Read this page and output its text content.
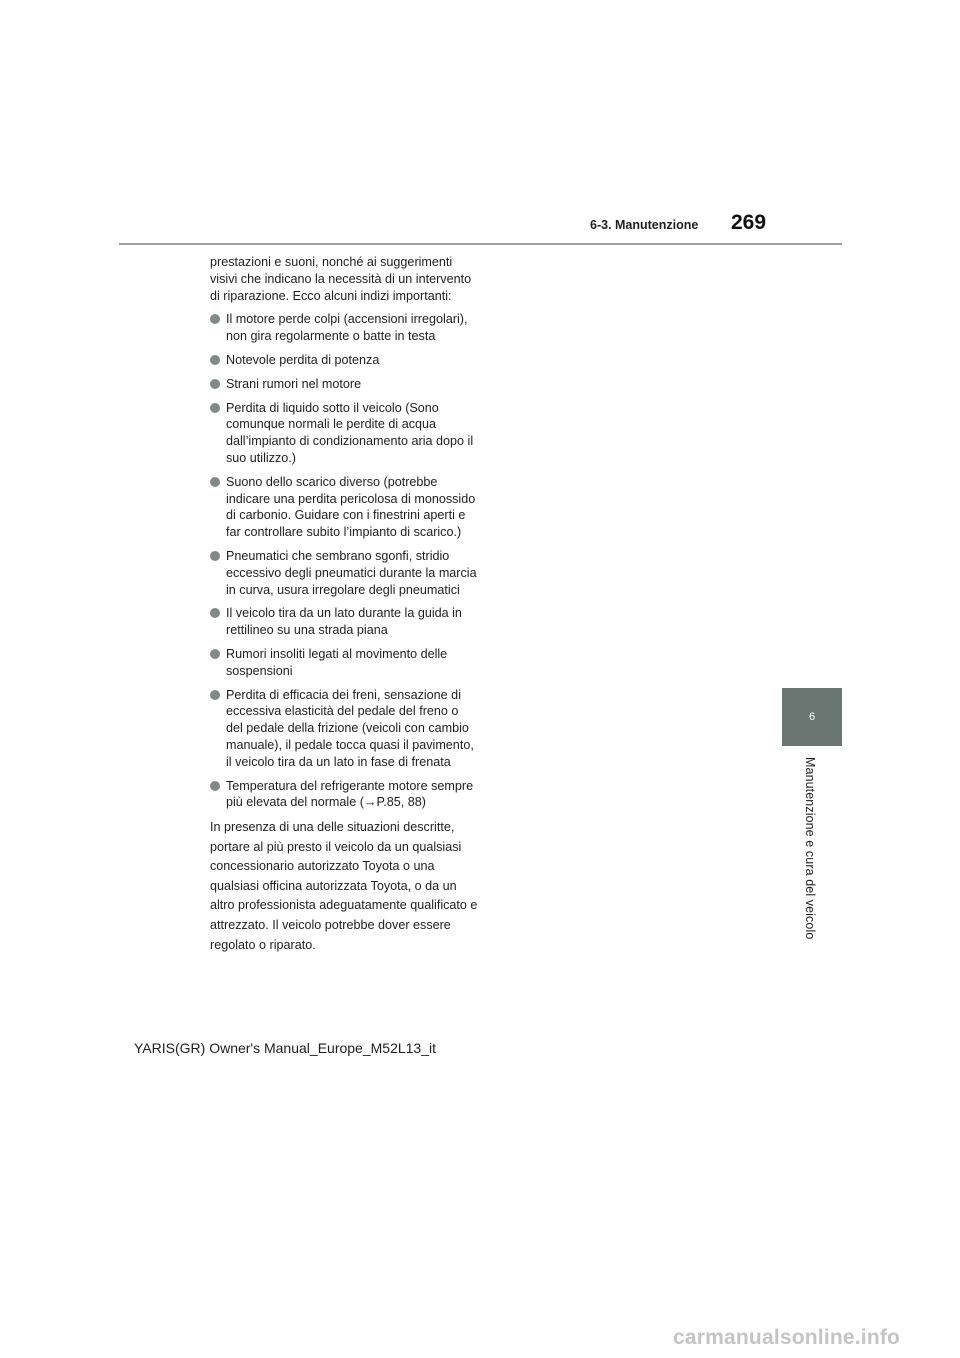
6-3. Manutenzione 269

prestazioni e suoni, nonché ai suggerimenti visivi che indicano la necessità di un intervento di riparazione. Ecco alcuni indizi importanti:

Il motore perde colpi (accensioni irregolari), non gira regolarmente o batte in testa
Notevole perdita di potenza
Strani rumori nel motore
Perdita di liquido sotto il veicolo (Sono comunque normali le perdite di acqua dall’impianto di condizionamento aria dopo il suo utilizzo.)
Suono dello scarico diverso (potrebbe indicare una perdita pericolosa di monossido di carbonio. Guidare con i finestrini aperti e far controllare subito l’impianto di scarico.)
Pneumatici che sembrano sgonfi, stridio eccessivo degli pneumatici durante la marcia in curva, usura irregolare degli pneumatici
Il veicolo tira da un lato durante la guida in rettilineo su una strada piana
Rumori insoliti legati al movimento delle sospensioni
Perdita di efficacia dei freni, sensazione di eccessiva elasticità del pedale del freno o del pedale della frizione (veicoli con cambio manuale), il pedale tocca quasi il pavimento, il veicolo tira da un lato in fase di frenata
Temperatura del refrigerante motore sempre più elevata del normale (→P.85, 88)

In presenza di una delle situazioni descritte, portare al più presto il veicolo da un qualsiasi concessionario autorizzato Toyota o una qualsiasi officina autorizzata Toyota, o da un altro professionista adeguatamente qualificato e attrezzato. Il veicolo potrebbe dover essere regolato o riparato.

6
Manutenzione e cura del veicolo
YARIS(GR) Owner's Manual_Europe_M52L13_it
carmanualsonline.info
